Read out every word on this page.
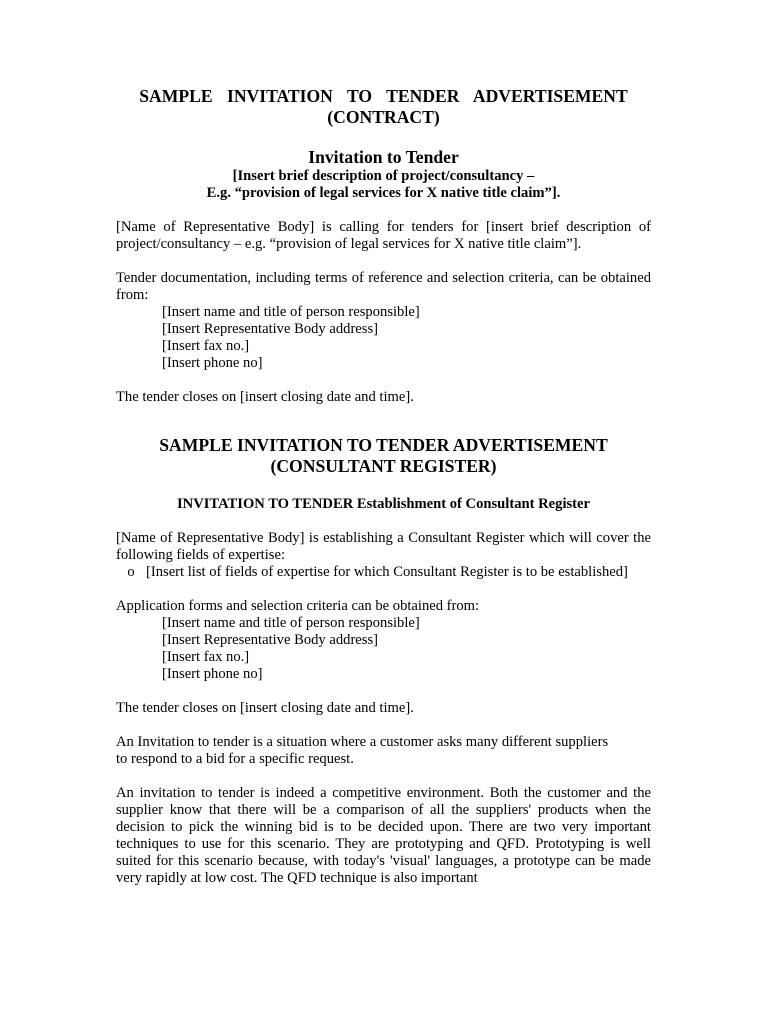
SAMPLE INVITATION TO TENDER ADVERTISEMENT
(CONTRACT)
Invitation to Tender

[Insert brief description of project/consultancy –

E.g. “provision of legal services for X native title claim”].

[Name of Representative Body] is calling for tenders for [insert brief description of project/consultancy – e.g. “provision of legal services for X native title claim”].

Tender documentation, including terms of reference and selection criteria, can be obtained from:

[Insert name and title of person responsible]

[Insert Representative Body address]

[Insert fax no.]

[Insert phone no]

The tender closes on [insert closing date and time].

SAMPLE INVITATION TO TENDER ADVERTISEMENT
(CONSULTANT REGISTER)

INVITATION TO TENDER Establishment of Consultant Register

[Name of Representative Body] is establishing a Consultant Register which will cover the following fields of expertise:

o [Insert list of fields of expertise for which Consultant Register is to be established]

Application forms and selection criteria can be obtained from:

[Insert name and title of person responsible]

[Insert Representative Body address]

[Insert fax no.]

[Insert phone no]

The tender closes on [insert closing date and time].

An Invitation to tender is a situation where a customer asks many different suppliers

to respond to a bid for a specific request.

An invitation to tender is indeed a competitive environment. Both the customer and the supplier know that there will be a comparison of all the suppliers' products when the decision to pick the winning bid is to be decided upon. There are two very important techniques to use for this scenario. They are prototyping and QFD. Prototyping is well suited for this scenario because, with today's 'visual' languages, a prototype can be made very rapidly at low cost. The QFD technique is also important
